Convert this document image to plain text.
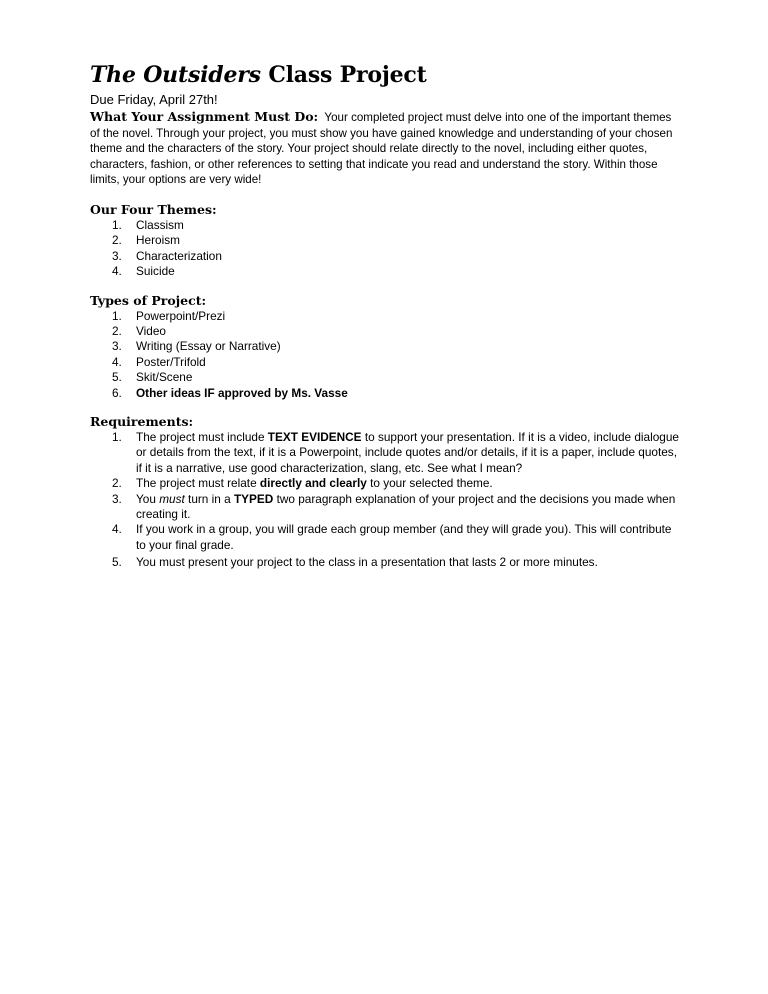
The Outsiders Class Project
Due Friday, April 27th!

What Your Assignment Must Do: Your completed project must delve into one of the important themes of the novel. Through your project, you must show you have gained knowledge and understanding of your chosen theme and the characters of the story. Your project should relate directly to the novel, including either quotes, characters, fashion, or other references to setting that indicate you read and understand the story. Within those limits, your options are very wide!

Our Four Themes:
1.	Classism
2.	Heroism
3.	Characterization
4.	Suicide
Types of Project:
1.	Powerpoint/Prezi
2.	Video
3.	Writing (Essay or Narrative)
4.	Poster/Trifold
5.	Skit/Scene
6.	Other ideas IF approved by Ms. Vasse
Requirements:
1.	The project must include TEXT EVIDENCE to support your presentation. If it is a video, include dialogue or details from the text, if it is a Powerpoint, include quotes and/or details, if it is a paper, include quotes, if it is a narrative, use good characterization, slang, etc. See what I mean?
2.	The project must relate directly and clearly to your selected theme.
3.	You must turn in a TYPED two paragraph explanation of your project and the decisions you made when creating it.
4.	If you work in a group, you will grade each group member (and they will grade you). This will contribute to your final grade.
5.	You must present your project to the class in a presentation that lasts 2 or more minutes.
